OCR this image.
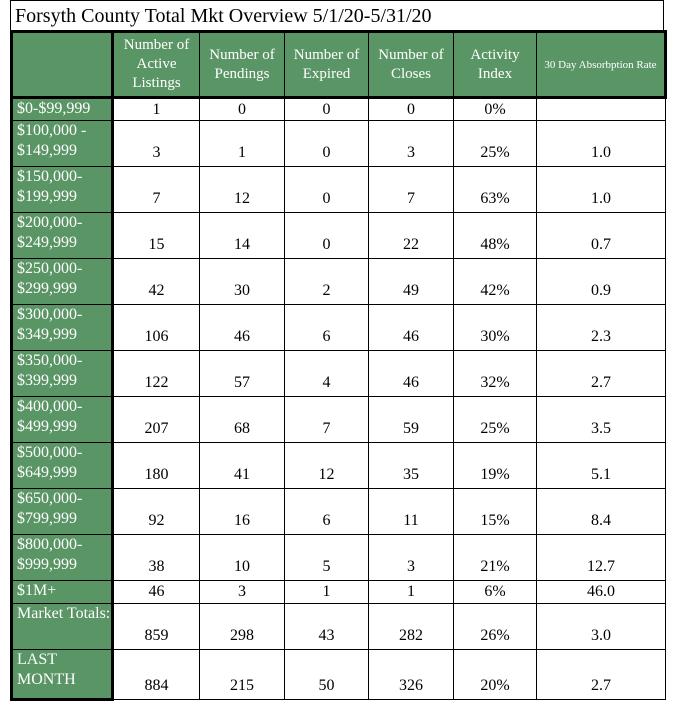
Forsyth County Total Mkt Overview 5/1/20-5/31/20
	Number of Active Listings	Number of Pendings	Number of Expired	Number of Closes	Activity Index	30 Day Absorbption Rate
$0-$99,999	1	0	0	0	0%	
$100,000 - $149,999	3	1	0	3	25%	1.0
$150,000- $199,999	7	12	0	7	63%	1.0
$200,000- $249,999	15	14	0	22	48%	0.7
$250,000- $299,999	42	30	2	49	42%	0.9
$300,000- $349,999	106	46	6	46	30%	2.3
$350,000- $399,999	122	57	4	46	32%	2.7
$400,000- $499,999	207	68	7	59	25%	3.5
$500,000- $649,999	180	41	12	35	19%	5.1
$650,000- $799,999	92	16	6	11	15%	8.4
$800,000- $999,999	38	10	5	3	21%	12.7
$1M+	46	3	1	1	6%	46.0
Market Totals:	859	298	43	282	26%	3.0
LAST MONTH	884	215	50	326	20%	2.7
